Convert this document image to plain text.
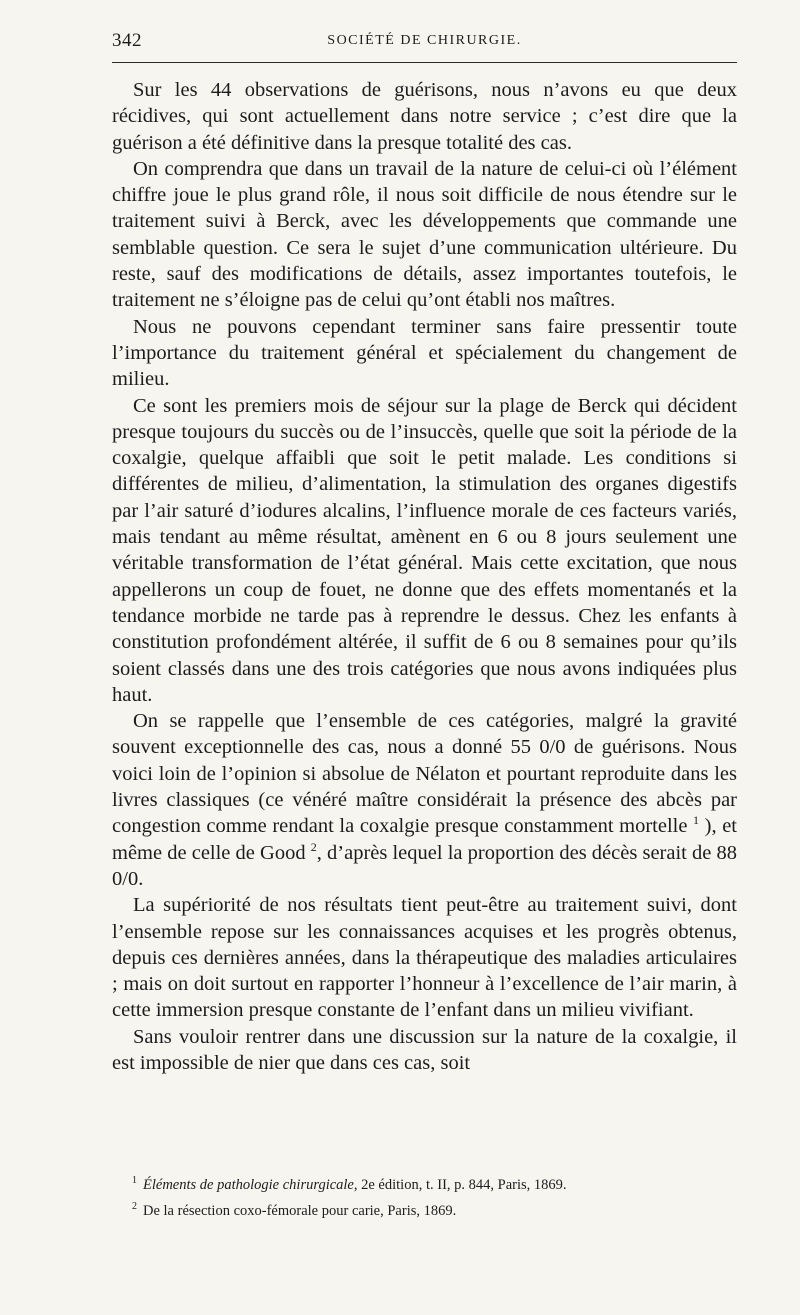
342	SOCIÉTÉ DE CHIRURGIE.

Sur les 44 observations de guérisons, nous n’avons eu que deux récidives, qui sont actuellement dans notre service ; c’est dire que la guérison a été définitive dans la presque totalité des cas.

On comprendra que dans un travail de la nature de celui-ci où l’élément chiffre joue le plus grand rôle, il nous soit difficile de nous étendre sur le traitement suivi à Berck, avec les développements que commande une semblable question. Ce sera le sujet d’une communication ultérieure. Du reste, sauf des modifications de détails, assez importantes toutefois, le traitement ne s’éloigne pas de celui qu’ont établi nos maîtres.

Nous ne pouvons cependant terminer sans faire pressentir toute l’importance du traitement général et spécialement du changement de milieu.

Ce sont les premiers mois de séjour sur la plage de Berck qui décident presque toujours du succès ou de l’insuccès, quelle que soit la période de la coxalgie, quelque affaibli que soit le petit malade. Les conditions si différentes de milieu, d’alimentation, la stimulation des organes digestifs par l’air saturé d’iodures alcalins, l’influence morale de ces facteurs variés, mais tendant au même résultat, amènent en 6 ou 8 jours seulement une véritable transformation de l’état général. Mais cette excitation, que nous appellerons un coup de fouet, ne donne que des effets momentanés et la tendance morbide ne tarde pas à reprendre le dessus. Chez les enfants à constitution profondément altérée, il suffit de 6 ou 8 semaines pour qu’ils soient classés dans une des trois catégories que nous avons indiquées plus haut.

On se rappelle que l’ensemble de ces catégories, malgré la gravité souvent exceptionnelle des cas, nous a donné 55 0/0 de guérisons. Nous voici loin de l’opinion si absolue de Nélaton et pourtant reproduite dans les livres classiques (ce vénéré maître considérait la présence des abcès par congestion comme rendant la coxalgie presque constamment mortelle $^1$ ), et même de celle de Good $^2$, d’après lequel la proportion des décès serait de 88 0/0.

La supériorité de nos résultats tient peut-être au traitement suivi, dont l’ensemble repose sur les connaissances acquises et les progrès obtenus, depuis ces dernières années, dans la thérapeutique des maladies articulaires ; mais on doit surtout en rapporter l’honneur à l’excellence de l’air marin, à cette immersion presque constante de l’enfant dans un milieu vivifiant.

Sans vouloir rentrer dans une discussion sur la nature de la coxalgie, il est impossible de nier que dans ces cas, soit

$^1$ Éléments de pathologie chirurgicale, 2e édition, t. II, p. 844, Paris, 1869.

$^2$ De la résection coxo-fémorale pour carie, Paris, 1869.
